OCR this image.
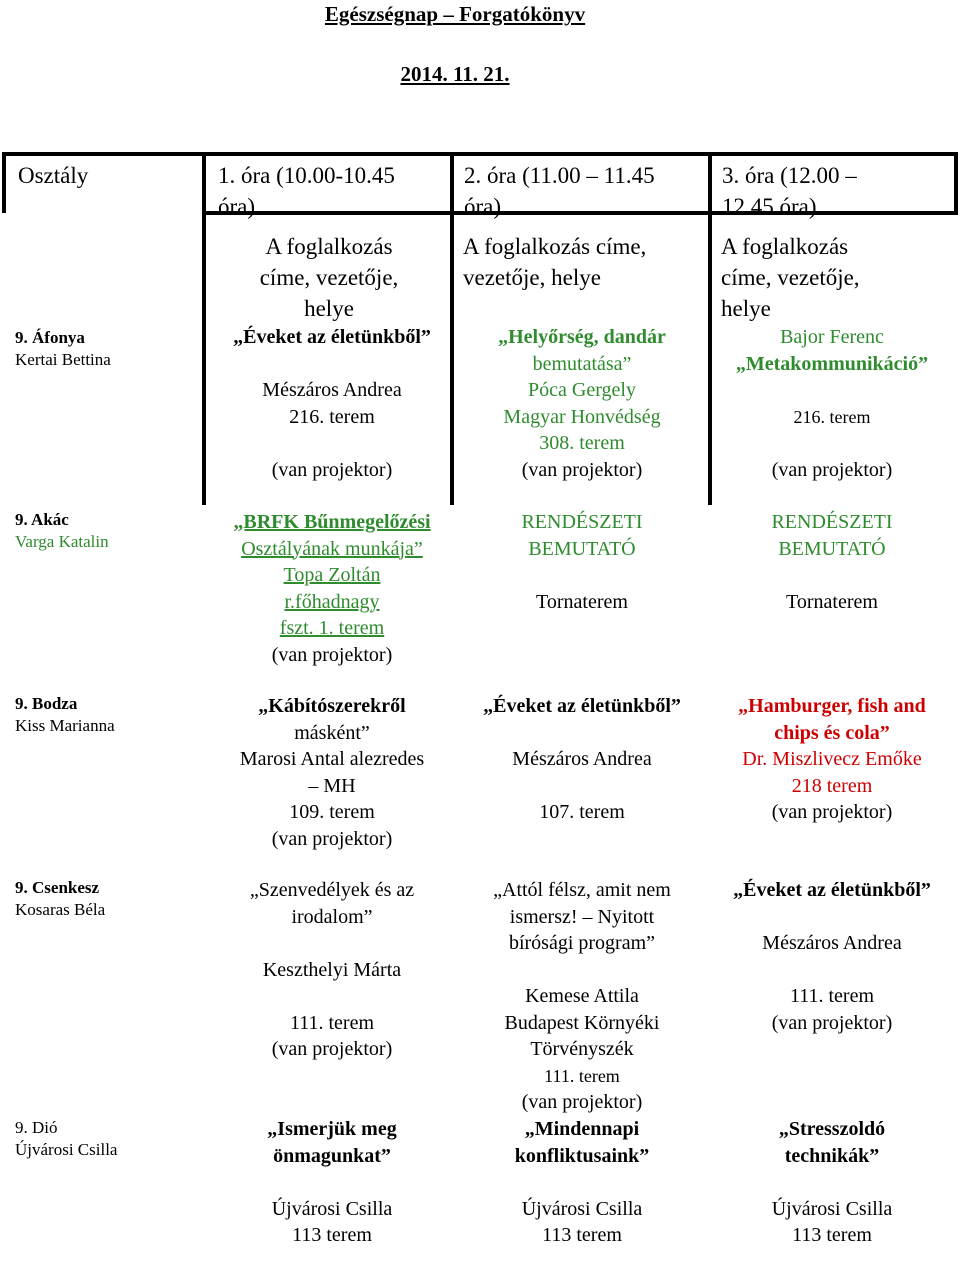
Egészségnap – Forgatókönyv
2014. 11. 21.
Osztály	1. óra (10.00-10.45
óra)
2. óra (11.00 – 11.45
óra)
3. óra (12.00 –
12.45 óra)
A foglalkozás
címe, vezetője,
helye
A foglalkozás címe,
vezetője, helye
A foglalkozás
címe, vezetője,
helye
9. Áfonya
Kertai Bettina
„Éveket az életünkből”

Mészáros Andrea
216. terem

(van projektor)
„Helyőrség, dandár
bemutatása”
Póca Gergely
Magyar Honvédség
308. terem
(van projektor)
Bajor Ferenc
„Metakommunikáció”

216. terem

(van projektor)
9. Akác
Varga Katalin
„BRFK Bűnmegelőzési
Osztályának munkája”
Topa Zoltán
r.főhadnagy
fszt. 1. terem
(van projektor)
RENDÉSZETI
BEMUTATÓ

Tornaterem
RENDÉSZETI
BEMUTATÓ

Tornaterem
9. Bodza
Kiss Marianna
„Kábítószerekről
másként”
Marosi Antal alezredes
– MH
109. terem
(van projektor)
„Éveket az életünkből”

Mészáros Andrea

107. terem
„Hamburger, fish and
chips és cola”
Dr. Miszlivecz Emőke
218 terem
(van projektor)
9. Csenkesz
Kosaras Béla
„Szenvedélyek és az
irodalom”

Keszthelyi Márta

111. terem
(van projektor)
„Attól félsz, amit nem
ismersz! – Nyitott
bírósági program”

Kemese Attila
Budapest Környéki
Törvényszék
111. terem
(van projektor)
„Éveket az életünkből”

Mészáros Andrea

111. terem
(van projektor)
9. Dió
Újvárosi Csilla
„Ismerjük meg
önmagunkat”

Újvárosi Csilla
113 terem
„Mindennapi
konfliktusaink”

Újvárosi Csilla
113 terem
„Stresszoldó
technikák”

Újvárosi Csilla
113 terem
